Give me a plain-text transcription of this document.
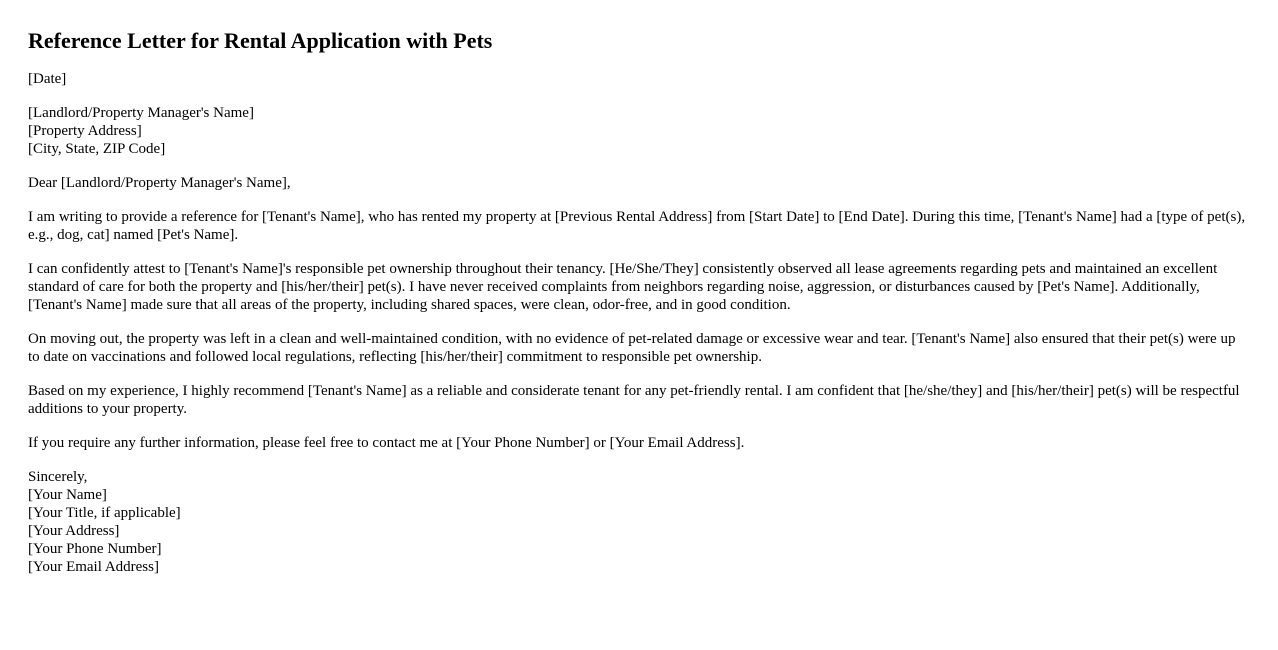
Reference Letter for Rental Application with Pets

[Date]

[Landlord/Property Manager's Name]
[Property Address]
[City, State, ZIP Code]

Dear [Landlord/Property Manager's Name],

I am writing to provide a reference for [Tenant's Name], who has rented my property at [Previous Rental Address] from [Start Date] to [End Date]. During this time, [Tenant's Name] had a [type of pet(s), e.g., dog, cat] named [Pet's Name].

I can confidently attest to [Tenant's Name]'s responsible pet ownership throughout their tenancy. [He/She/They] consistently observed all lease agreements regarding pets and maintained an excellent standard of care for both the property and [his/her/their] pet(s). I have never received complaints from neighbors regarding noise, aggression, or disturbances caused by [Pet's Name]. Additionally, [Tenant's Name] made sure that all areas of the property, including shared spaces, were clean, odor-free, and in good condition.

On moving out, the property was left in a clean and well-maintained condition, with no evidence of pet-related damage or excessive wear and tear. [Tenant's Name] also ensured that their pet(s) were up to date on vaccinations and followed local regulations, reflecting [his/her/their] commitment to responsible pet ownership.

Based on my experience, I highly recommend [Tenant's Name] as a reliable and considerate tenant for any pet-friendly rental. I am confident that [he/she/they] and [his/her/their] pet(s) will be respectful additions to your property.

If you require any further information, please feel free to contact me at [Your Phone Number] or [Your Email Address].

Sincerely,
[Your Name]
[Your Title, if applicable]
[Your Address]
[Your Phone Number]
[Your Email Address]
